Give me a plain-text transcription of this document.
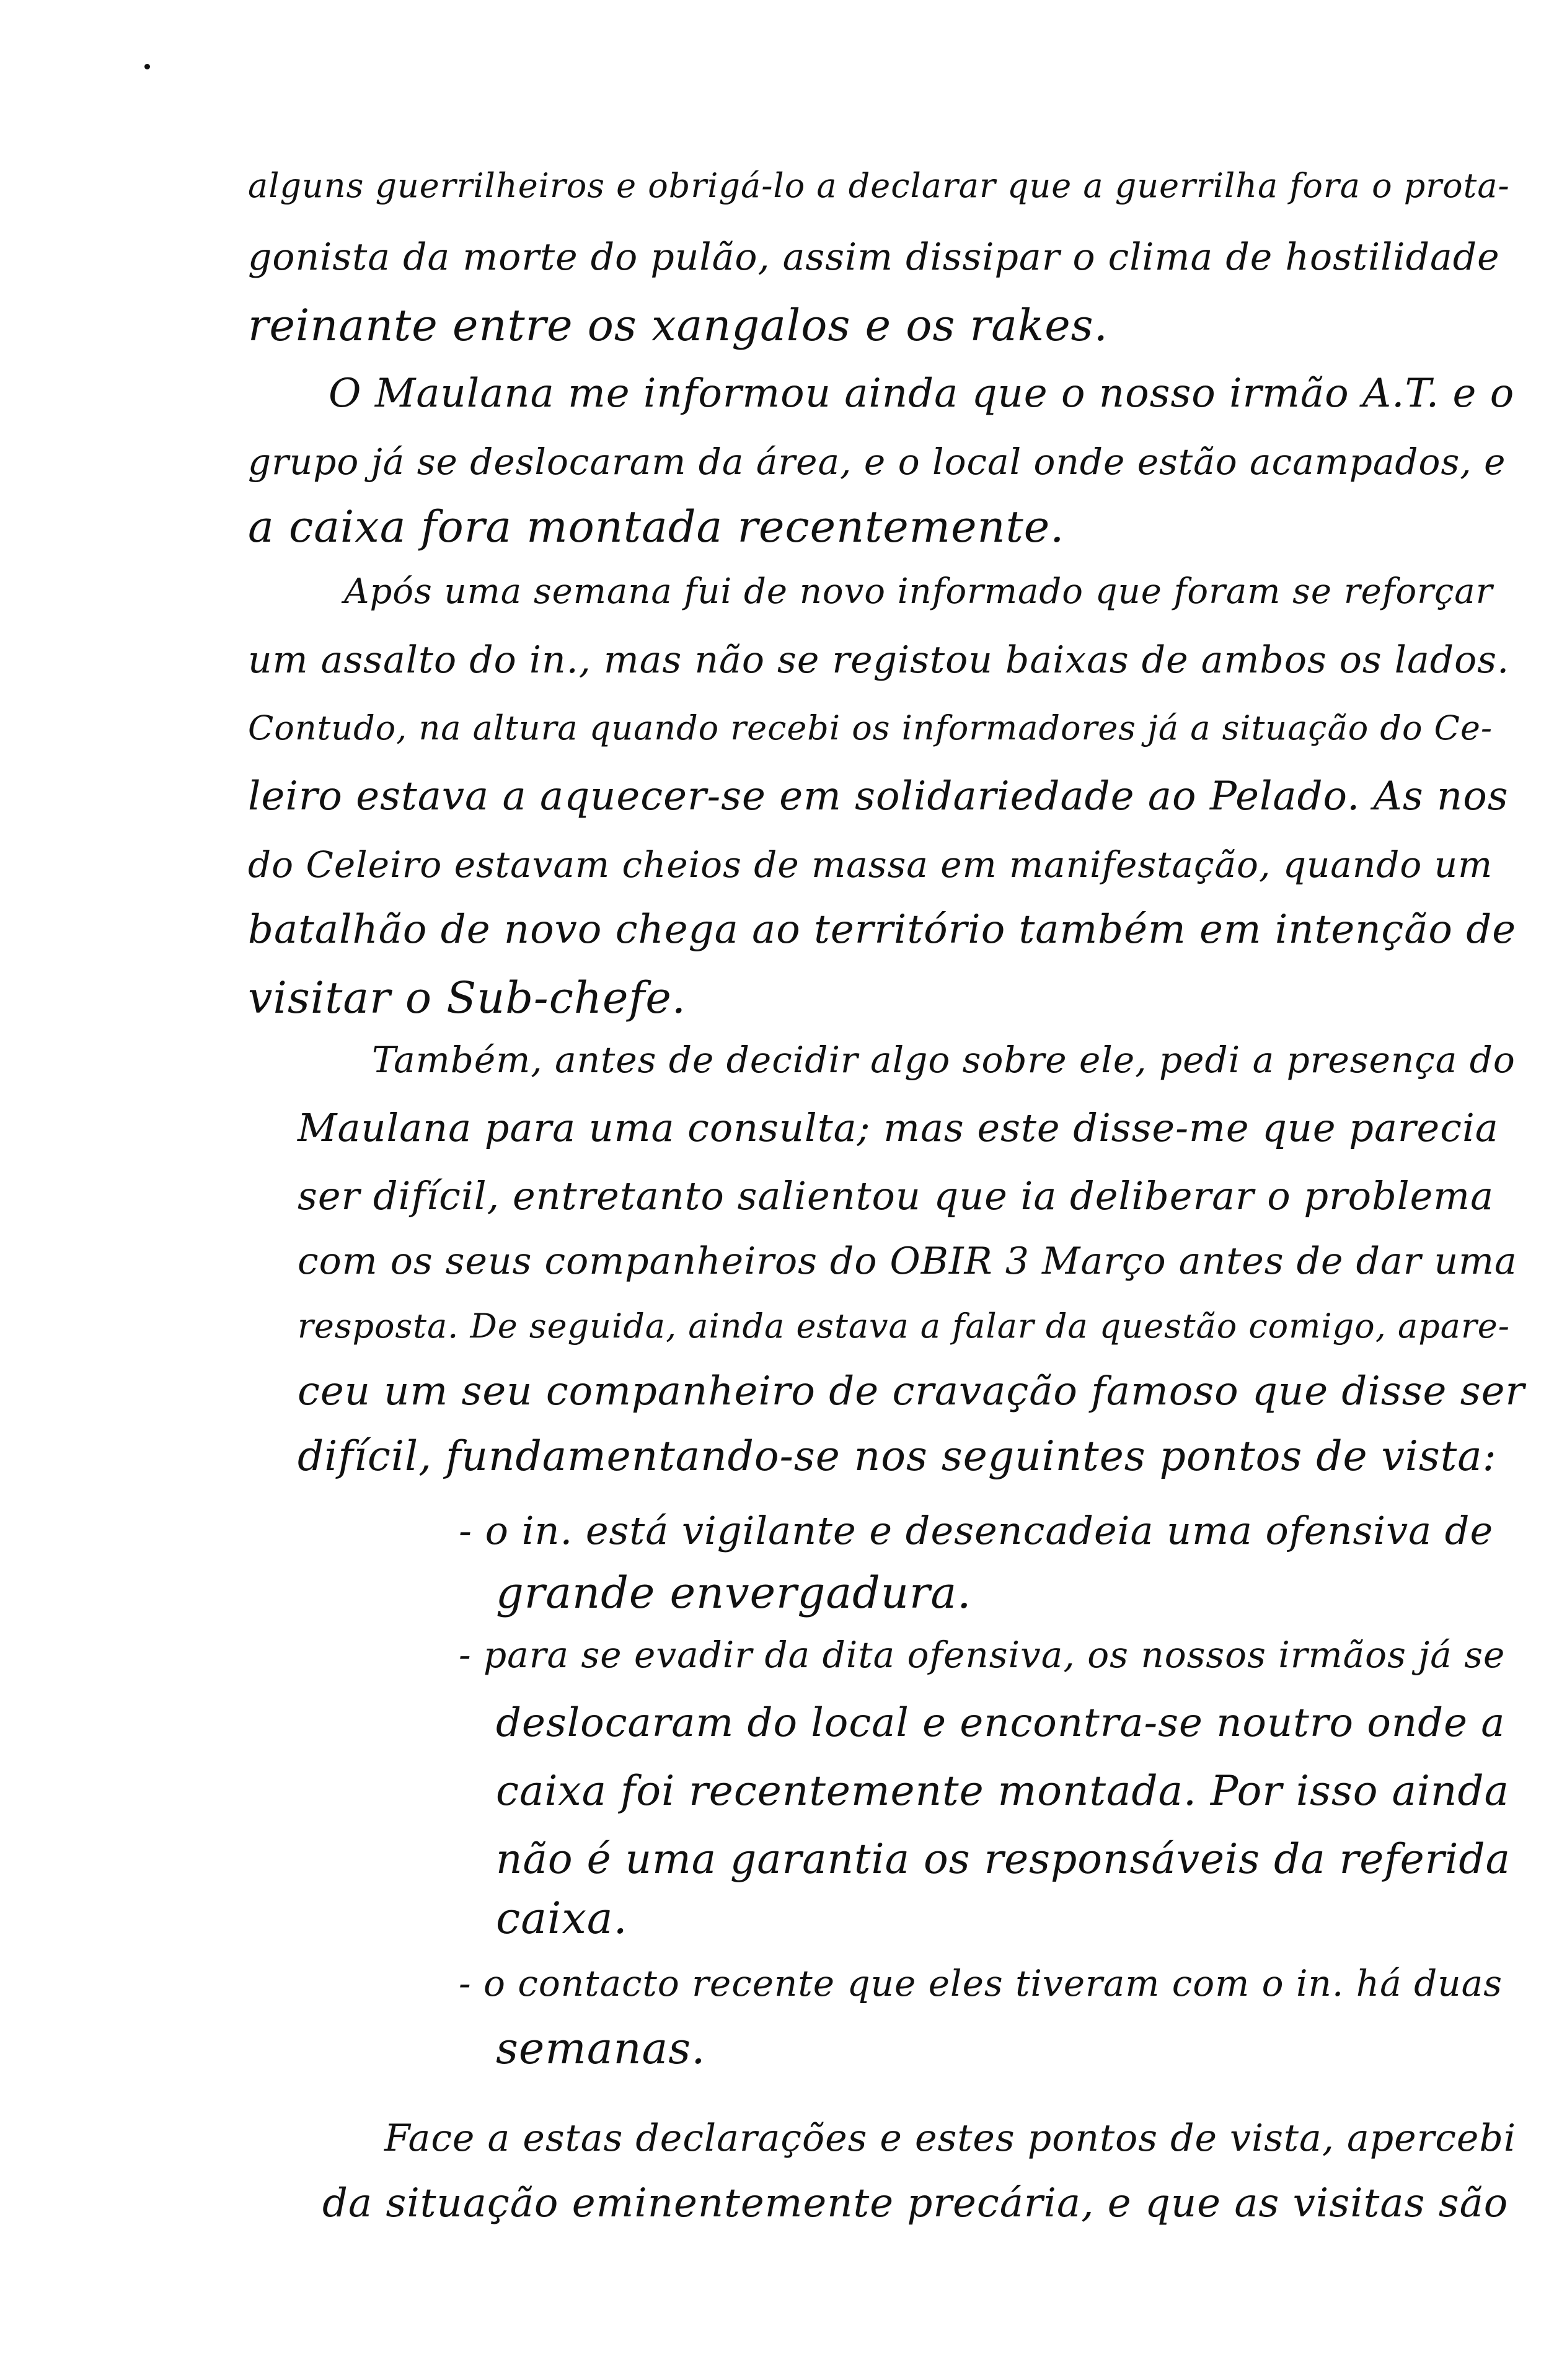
alguns guerrilheiros e obrigá-lo a declarar que a guerrilha fora o prota-
gonista da morte do pulão, assim dissipar o clima de hostilidade
reinante entre os xangalos e os rakes.
O Maulana me informou ainda que o nosso irmão A.T. e o
grupo já se deslocaram da área, e o local onde estão acampados, e
a caixa fora montada recentemente.
Após uma semana fui de novo informado que foram se reforçar
um assalto do in., mas não se registou baixas de ambos os lados.
Contudo, na altura quando recebi os informadores já a situação do Ce-
leiro estava a aquecer-se em solidariedade ao Pelado. As nos
do Celeiro estavam cheios de massa em manifestação, quando um
batalhão de novo chega ao território também em intenção de
visitar o Sub-chefe.
Também, antes de decidir algo sobre ele, pedi a presença do
Maulana para uma consulta; mas este disse-me que parecia
ser difícil, entretanto salientou que ia deliberar o problema
com os seus companheiros do OBIR 3 Março antes de dar uma
resposta. De seguida, ainda estava a falar da questão comigo, apare-
ceu um seu companheiro de cravação famoso que disse ser
difícil, fundamentando-se nos seguintes pontos de vista:
- o in. está vigilante e desencadeia uma ofensiva de
grande envergadura.
- para se evadir da dita ofensiva, os nossos irmãos já se
deslocaram do local e encontra-se noutro onde a
caixa foi recentemente montada. Por isso ainda
não é uma garantia os responsáveis da referida
caixa.
- o contacto recente que eles tiveram com o in. há duas
semanas.
Face a estas declarações e estes pontos de vista, apercebi
da situação eminentemente precária, e que as visitas são
